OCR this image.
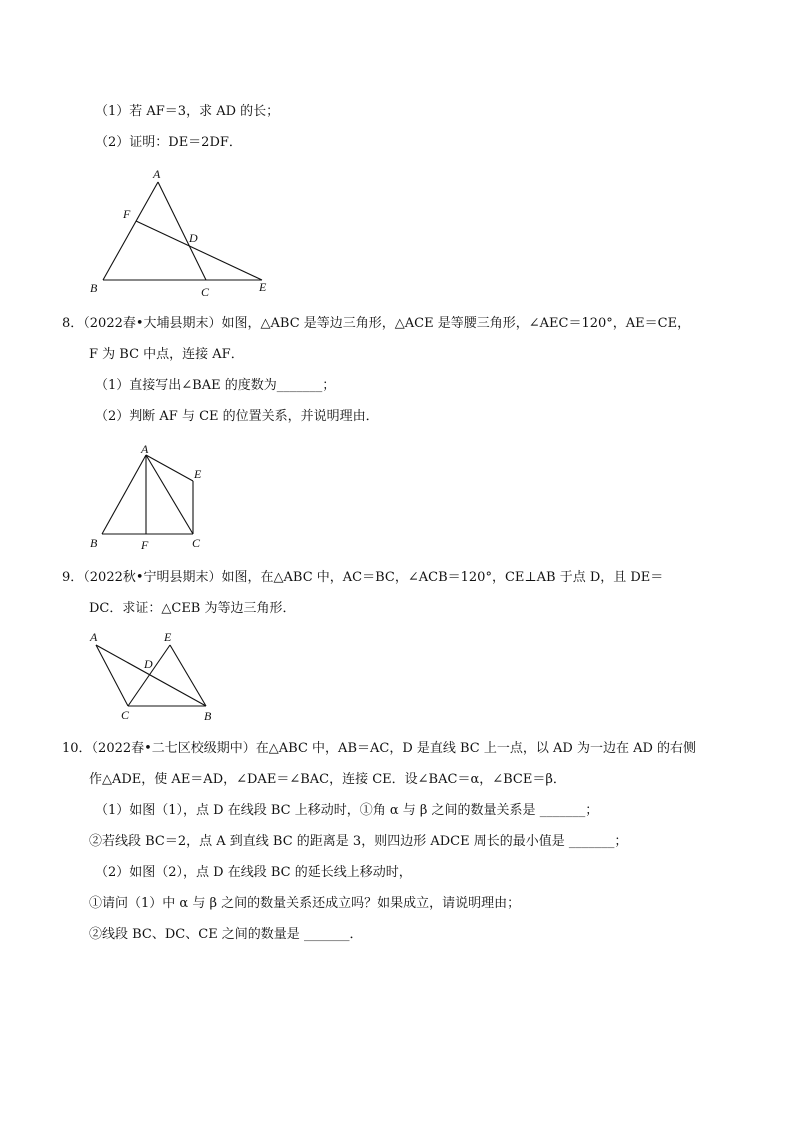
（1）若 AF＝3，求 AD 的长；
（2）证明：DE＝2DF．
A
F
D
B	C	E
A
E
B	F	C
A	E
D
C	B
8．（2022春•大埔县期末）如图，△ABC 是等边三角形，△ACE 是等腰三角形，∠AEC＝120°，AE＝CE，
F 为 BC 中点，连接 AF．
（1）直接写出∠BAE 的度数为_______；
（2）判断 AF 与 CE 的位置关系，并说明理由．
9．（2022秋•宁明县期末）如图，在△ABC 中，AC＝BC，∠ACB＝120°，CE⊥AB 于点 D，且 DE＝
DC．求证：△CEB 为等边三角形．
10．（2022春•二七区校级期中）在△ABC 中，AB＝AC，D 是直线 BC 上一点，以 AD 为一边在 AD 的右侧
作△ADE，使 AE＝AD，∠DAE＝∠BAC，连接 CE．设∠BAC＝α，∠BCE＝β．
（1）如图（1），点 D 在线段 BC 上移动时，①角 α 与 β 之间的数量关系是 _______；
②若线段 BC＝2，点 A 到直线 BC 的距离是 3，则四边形 ADCE 周长的最小值是 _______；
（2）如图（2），点 D 在线段 BC 的延长线上移动时，
①请问（1）中 α 与 β 之间的数量关系还成立吗？如果成立，请说明理由；
②线段 BC、DC、CE 之间的数量是 _______．
